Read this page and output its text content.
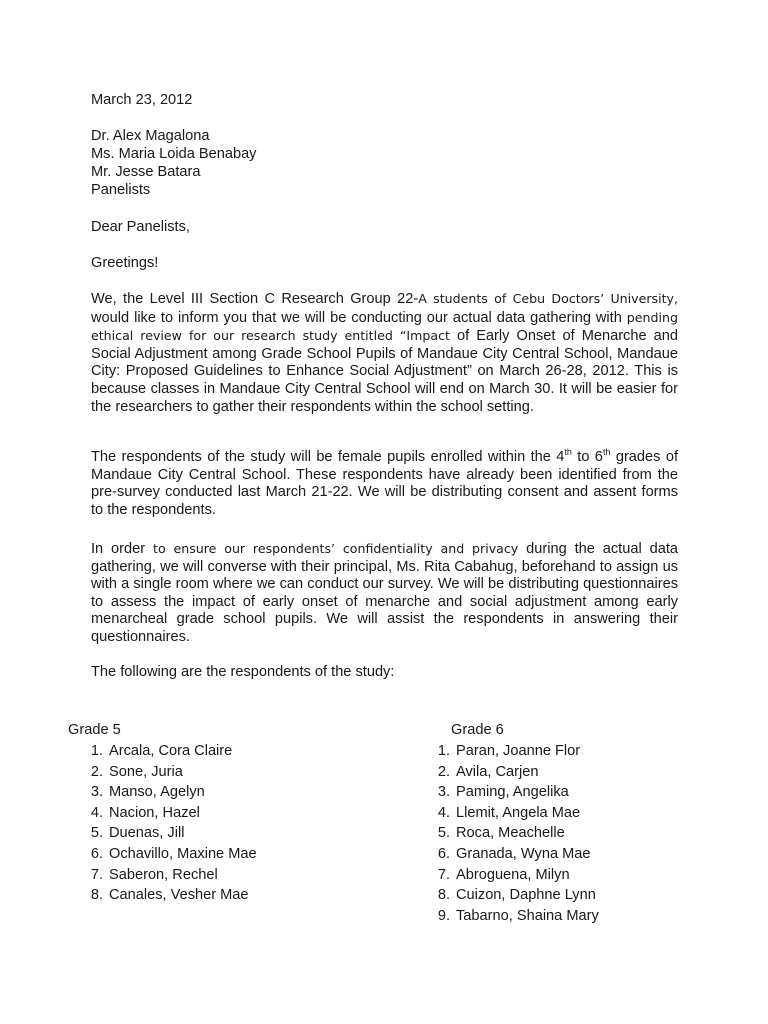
March 23, 2012
Dr. Alex Magalona
Ms. Maria Loida Benabay
Mr. Jesse Batara
Panelists
Dear Panelists,
Greetings!
We, the Level III Section C Research Group 22-A students of Cebu Doctors’ University, would like to inform you that we will be conducting our actual data gathering with pending ethical review for our research study entitled “Impact of Early Onset of Menarche and Social Adjustment among Grade School Pupils of Mandaue City Central School, Mandaue City: Proposed Guidelines to Enhance Social Adjustment” on March 26-28, 2012. This is because classes in Mandaue City Central School will end on March 30. It will be easier for the researchers to gather their respondents within the school setting.
The respondents of the study will be female pupils enrolled within the 4th to 6th grades of Mandaue City Central School. These respondents have already been identified from the pre-survey conducted last March 21-22. We will be distributing consent and assent forms to the respondents.
In order to ensure our respondents’ confidentiality and privacy during the actual data gathering, we will converse with their principal, Ms. Rita Cabahug, beforehand to assign us with a single room where we can conduct our survey. We will be distributing questionnaires to assess the impact of early onset of menarche and social adjustment among early menarcheal grade school pupils. We will assist the respondents in answering their questionnaires.
The following are the respondents of the study:
Grade 5
1. Arcala, Cora Claire
2. Sone, Juria
3. Manso, Agelyn
4. Nacion, Hazel
5. Duenas, Jill
6. Ochavillo, Maxine Mae
7. Saberon, Rechel
8. Canales, Vesher Mae
Grade 6
1. Paran, Joanne Flor
2. Avila, Carjen
3. Paming, Angelika
4. Llemit, Angela Mae
5. Roca, Meachelle
6. Granada, Wyna Mae
7. Abroguena, Milyn
8. Cuizon, Daphne Lynn
9. Tabarno, Shaina Mary
